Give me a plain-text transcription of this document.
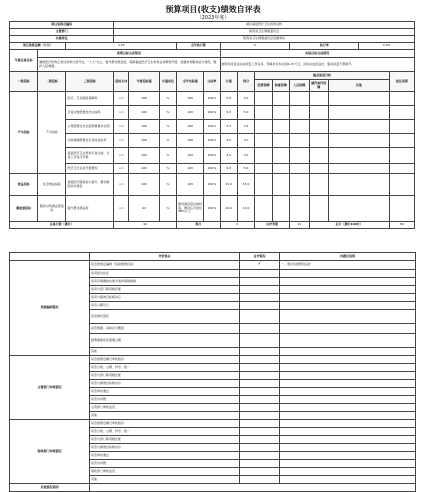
预算项目(收支)绩效自评表
（2023年度）
项目名称及编码			城乡基层医疗卫生机构运转													
主管部门			陕西省卫生健康委员会													
实施单位			陕西省卫生健康委员会直属单位													
项目预算金额（万元）		2.25				全年执行数		0				执行率			0.0%	
年度总体目标	预期目标完成情况							实际目标完成情况								
	确保医疗机构正常运转和日常开支，“十人”为主，提升群众满意度，保障基层医疗卫生机构业务顺利开展，加强机构服务能力建设，维护人民健康。							按照年度目标完成项目工作任务，预算执行率达到2.25万元，目标完成度良好，服务质量不断提升。								
一级指标	二级指标	三级指标	指标方向	年度指标值	计量单位	全年实际值	完成率	分值	得分	偏差原因分析						备注说明
										经费保障	制度保障	人员保障	硬件条件保障	其他		
产出指标	产出指标	医疗、卫生服务保障率	>=	100	%	100	100%	5.0	5.0							
		日常运转经费支出完成率	>=	100	%	100	100%	5.0	5.0							
		公用经费支出达到预算要求比例	>=	100	%	100	100%	3.5	3.5							
		运转保障经费支出及时到位率	>=	100	%	100	100%	3.0	3.0							
		基层医疗卫生机构正常运转，日常工作有序开展	>=	100	%	100	100%	3.0	3.0							
		医疗卫生业务开展情况	>=	100	%	100	100%	5.0	5.0							
效益指标	社会效益指标	基层医疗服务能力提升，群众就医需求满足	>=	100	%	100	100%	15.0	15.0							
满意度指标	服务对象满意度指标	提升群众满意度	>=	90	%	群众满意度总体较高，群众认可度达98%以上	100%	10.0	10.0							
总体分数（满分）			90			得分		0		自评等级		21	总分（满分100分）			89
	评价要点	自评情况	问题及说明
预算编制情况	是否按规定编制（包括绩效目标）	✓	一、项目实施情况良好
	是否经过论证		
	是否有明确的实施方案和保障措施		
	是否与部门职责相匹配		
	是否与绩效目标相对应		
	是否合理可行		
	是否细化量化		
	是否明确、具体并可衡量		
	经费测算是否准确合理		
	其他		
主管部门审核情况	是否按规定履行审核程序		
	是否合规、合理、科学、统一		
	是否与部门职责相匹配		
	是否与绩效目标相对应		
	是否审核通过		
	是否有问题		
	主管部门审核意见		
	其他		
财政部门审核情况	是否按规定履行审核程序		
	是否合规、合理、科学、统一		
	是否与部门职责相匹配		
	是否与绩效目标相对应		
	是否审核通过		
	是否有问题		
	财政部门审核意见		
	其他		
其他情况说明			
